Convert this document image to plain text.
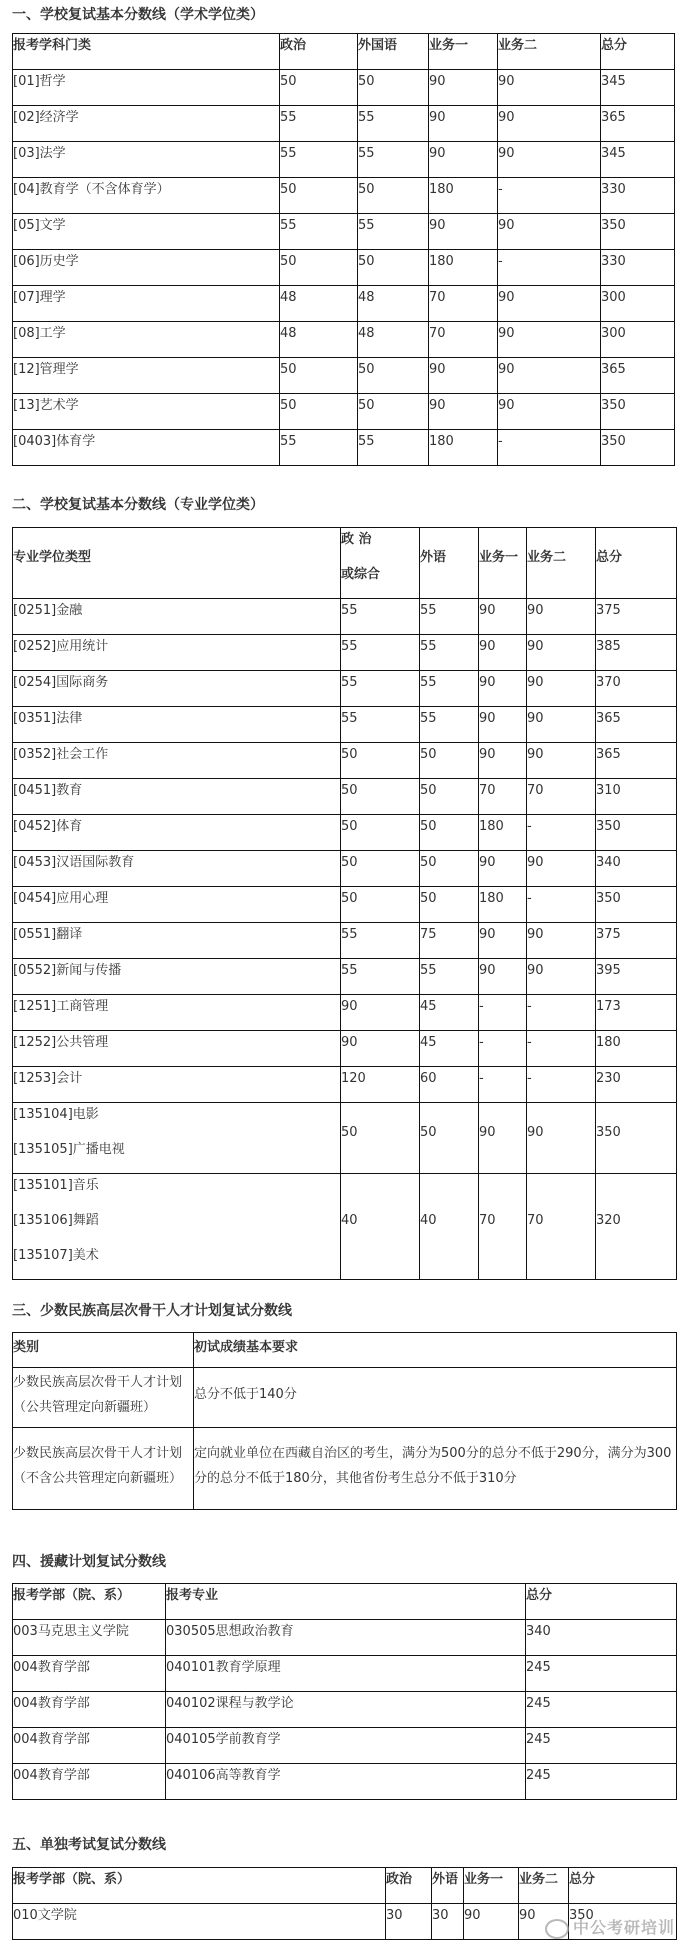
一、学校复试基本分数线（学术学位类）
报考学科门类	政治	外国语	业务一	业务二	总分

[01]哲学	50	50	90	90	345

[02]经济学	55	55	90	90	365

[03]法学	55	55	90	90	345

[04]教育学（不含体育学）	50	50	180	-	330

[05]文学	55	55	90	90	350

[06]历史学	50	50	180	-	330

[07]理学	48	48	70	90	300

[08]工学	48	48	70	90	300

[12]管理学	50	50	90	90	365

[13]艺术学	50	50	90	90	350

[0403]体育学	55	55	180	-	350
二、学校复试基本分数线（专业学位类）
专业学位类型	政 治
或综合	外语	业务一	业务二	总分

[0251]金融	55	55	90	90	375

[0252]应用统计	55	55	90	90	385

[0254]国际商务	55	55	90	90	370

[0351]法律	55	55	90	90	365

[0352]社会工作	50	50	90	90	365

[0451]教育	50	50	70	70	310

[0452]体育	50	50	180	-	350

[0453]汉语国际教育	50	50	90	90	340

[0454]应用心理	50	50	180	-	350

[0551]翻译	55	75	90	90	375

[0552]新闻与传播	55	55	90	90	395

[1251]工商管理	90	45	-	-	173

[1252]公共管理	90	45	-	-	180

[1253]会计	120	60	-	-	230

[135104]电影
[135105]广播电视	50	50	90	90	350

[135101]音乐
[135106]舞蹈
[135107]美术	40	40	70	70	320
三、少数民族高层次骨干人才计划复试分数线
类别	初试成绩基本要求

少数民族高层次骨干人才计划（公共管理定向新疆班）	总分不低于140分

少数民族高层次骨干人才计划（不含公共管理定向新疆班）	定向就业单位在西藏自治区的考生，满分为500分的总分不低于290分，满分为300分的总分不低于180分，其他省份考生总分不低于310分
四、援藏计划复试分数线
报考学部（院、系）	报考专业	总分

003马克思主义学院	030505思想政治教育	340

004教育学部	040101教育学原理	245

004教育学部	040102课程与教学论	245

004教育学部	040105学前教育学	245

004教育学部	040106高等教育学	245
五、单独考试复试分数线
报考学部（院、系）	政治	外语	业务一	业务二	总分

010文学院	30	30	90	90	350
中公考研培训
